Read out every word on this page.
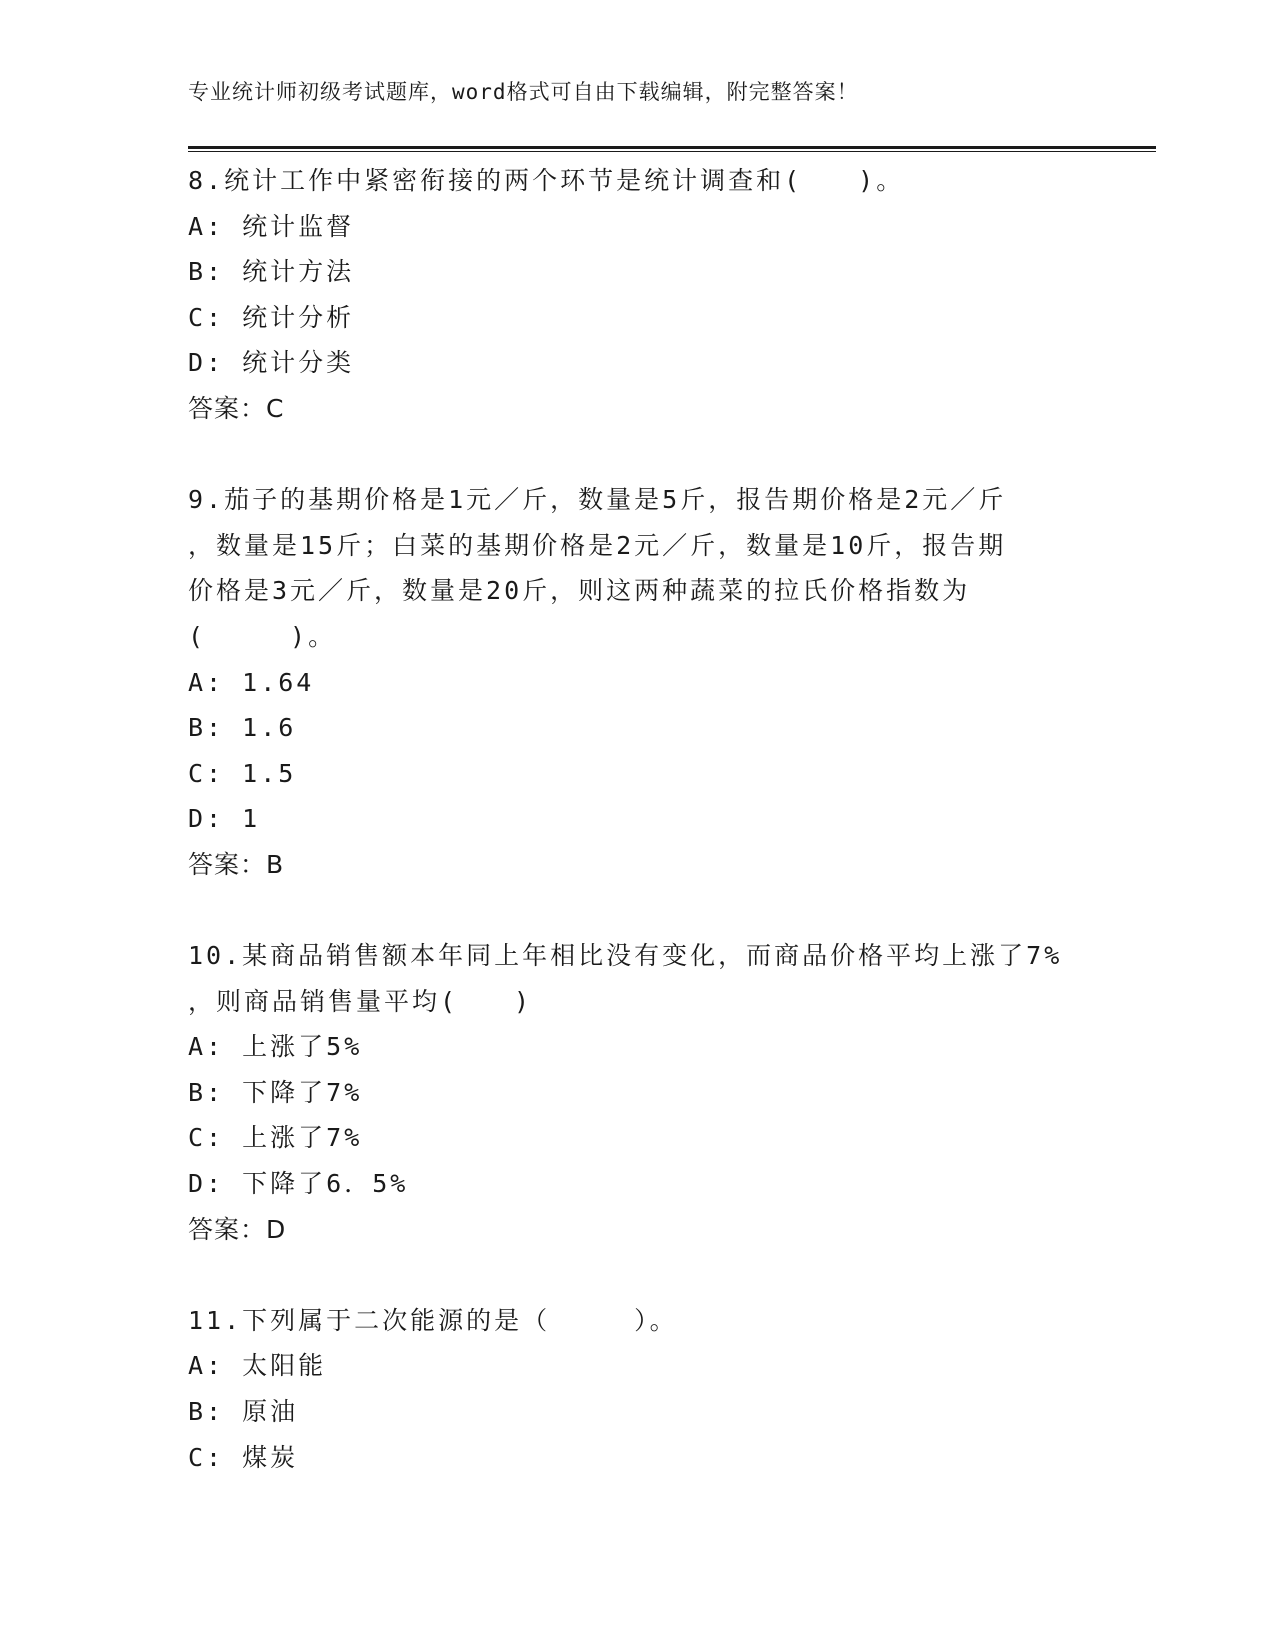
专业统计师初级考试题库，word格式可自由下载编辑，附完整答案！
8.统计工作中紧密衔接的两个环节是统计调查和(　　)。
A: 统计监督
B: 统计方法
C: 统计分析
D: 统计分类
答案：C
9.茄子的基期价格是1元／斤，数量是5斤，报告期价格是2元／斤
，数量是15斤；白菜的基期价格是2元／斤，数量是10斤，报告期
价格是3元／斤，数量是20斤，则这两种蔬菜的拉氏价格指数为
(　　　)。
A: 1.64
B: 1.6
C: 1.5
D: 1
答案：B
10.某商品销售额本年同上年相比没有变化，而商品价格平均上涨了7%
，则商品销售量平均(　　)
A: 上涨了5%
B: 下降了7%
C: 上涨了7%
D: 下降了6．5%
答案：D
11.下列属于二次能源的是（　　　）。
A: 太阳能
B: 原油
C: 煤炭
